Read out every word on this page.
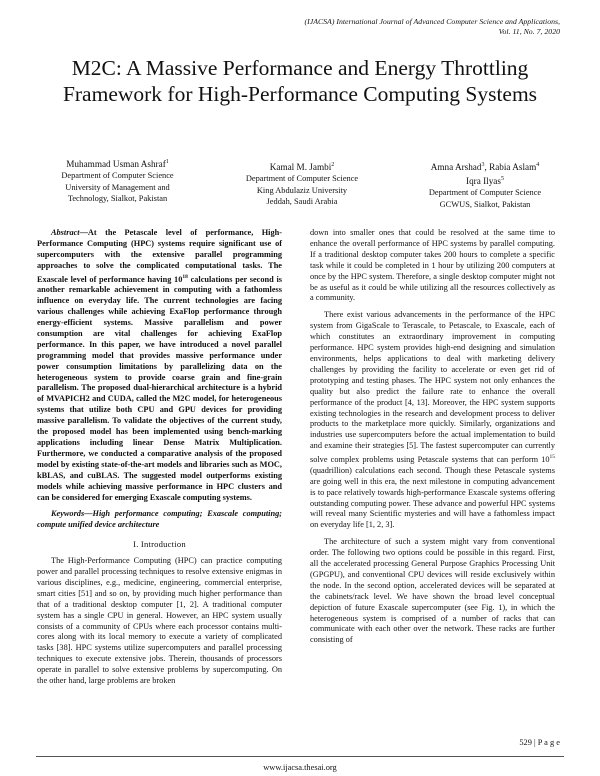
(IJACSA) International Journal of Advanced Computer Science and Applications,
Vol. 11, No. 7, 2020
M2C: A Massive Performance and Energy Throttling Framework for High-Performance Computing Systems
Muhammad Usman Ashraf$^1$
Department of Computer Science
University of Management and
Technology, Sialkot, Pakistan
Kamal M. Jambi$^2$
Department of Computer Science
King Abdulaziz University
Jeddah, Saudi Arabia
Amna Arshad$^3$, Rabia Aslam$^4$
Iqra Ilyas$^5$
Department of Computer Science
GCWUS, Sialkot, Pakistan

Abstract—At the Petascale level of performance, High-Performance Computing (HPC) systems require significant use of supercomputers with the extensive parallel programming approaches to solve the complicated computational tasks. The Exascale level of performance having $10^{18}$ calculations per second is another remarkable achievement in computing with a fathomless influence on everyday life. The current technologies are facing various challenges while achieving ExaFlop performance through energy-efficient systems. Massive parallelism and power consumption are vital challenges for achieving ExaFlop performance. In this paper, we have introduced a novel parallel programming model that provides massive performance under power consumption limitations by parallelizing data on the heterogeneous system to provide coarse grain and fine-grain parallelism. The proposed dual-hierarchical architecture is a hybrid of MVAPICH2 and CUDA, called the M2C model, for heterogeneous systems that utilize both CPU and GPU devices for providing massive parallelism. To validate the objectives of the current study, the proposed model has been implemented using bench-marking applications including linear Dense Matrix Multiplication. Furthermore, we conducted a comparative analysis of the proposed model by existing state-of-the-art models and libraries such as MOC, kBLAS, and cuBLAS. The suggested model outperforms existing models while achieving massive performance in HPC clusters and can be considered for emerging Exascale computing systems.

Keywords—High performance computing; Exascale computing; compute unified device architecture

I. Introduction

The High-Performance Computing (HPC) can practice computing power and parallel processing techniques to resolve extensive enigmas in various disciplines, e.g., medicine, engineering, commercial enterprise, smart cities [51] and so on, by providing much higher performance than that of a traditional desktop computer [1, 2]. A traditional computer system has a single CPU in general. However, an HPC system usually consists of a community of CPUs where each processor contains multi-cores along with its local memory to execute a variety of complicated tasks [38]. HPC systems utilize supercomputers and parallel processing techniques to execute extensive jobs. Therein, thousands of processors operate in parallel to solve extensive problems by supercomputing. On the other hand, large problems are broken

down into smaller ones that could be resolved at the same time to enhance the overall performance of HPC systems by parallel computing. If a traditional desktop computer takes 200 hours to complete a specific task while it could be completed in 1 hour by utilizing 200 computers at once by the HPC system. Therefore, a single desktop computer might not be as useful as it could be while utilizing all the resources collectively as a community.

There exist various advancements in the performance of the HPC system from GigaScale to Terascale, to Petascale, to Exascale, each of which constitutes an extraordinary improvement in computing performance. HPC system provides high-end designing and simulation environments, helps applications to deal with marketing delivery challenges by providing the facility to accelerate or even get rid of prototyping and testing phases. The HPC system not only enhances the quality but also predict the failure rate to enhance the overall performance of the product [4, 13]. Moreover, the HPC system supports existing technologies in the research and development process to deliver products to the marketplace more quickly. Similarly, organizations and industries use supercomputers before the actual implementation to build and examine their strategies [5]. The fastest supercomputer can currently solve complex problems using Petascale systems that can perform $10^{15}$ (quadrillion) calculations each second. Though these Petascale systems are going well in this era, the next milestone in computing advancement is to pace relatively towards high-performance Exascale systems offering outstanding computing power. These advance and powerful HPC systems will reveal many Scientific mysteries and will have a fathomless impact on everyday life [1, 2, 3].

The architecture of such a system might vary from conventional order. The following two options could be possible in this regard. First, all the accelerated processing General Purpose Graphics Processing Unit (GPGPU), and conventional CPU devices will reside exclusively within the node. In the second option, accelerated devices will be separated at the cabinets/rack level. We have shown the broad level conceptual depiction of future Exascale supercomputer (see Fig. 1), in which the heterogeneous system is comprised of a number of racks that can communicate with each other over the network. These racks are further consisting of

529 | P a g e
www.ijacsa.thesai.org
